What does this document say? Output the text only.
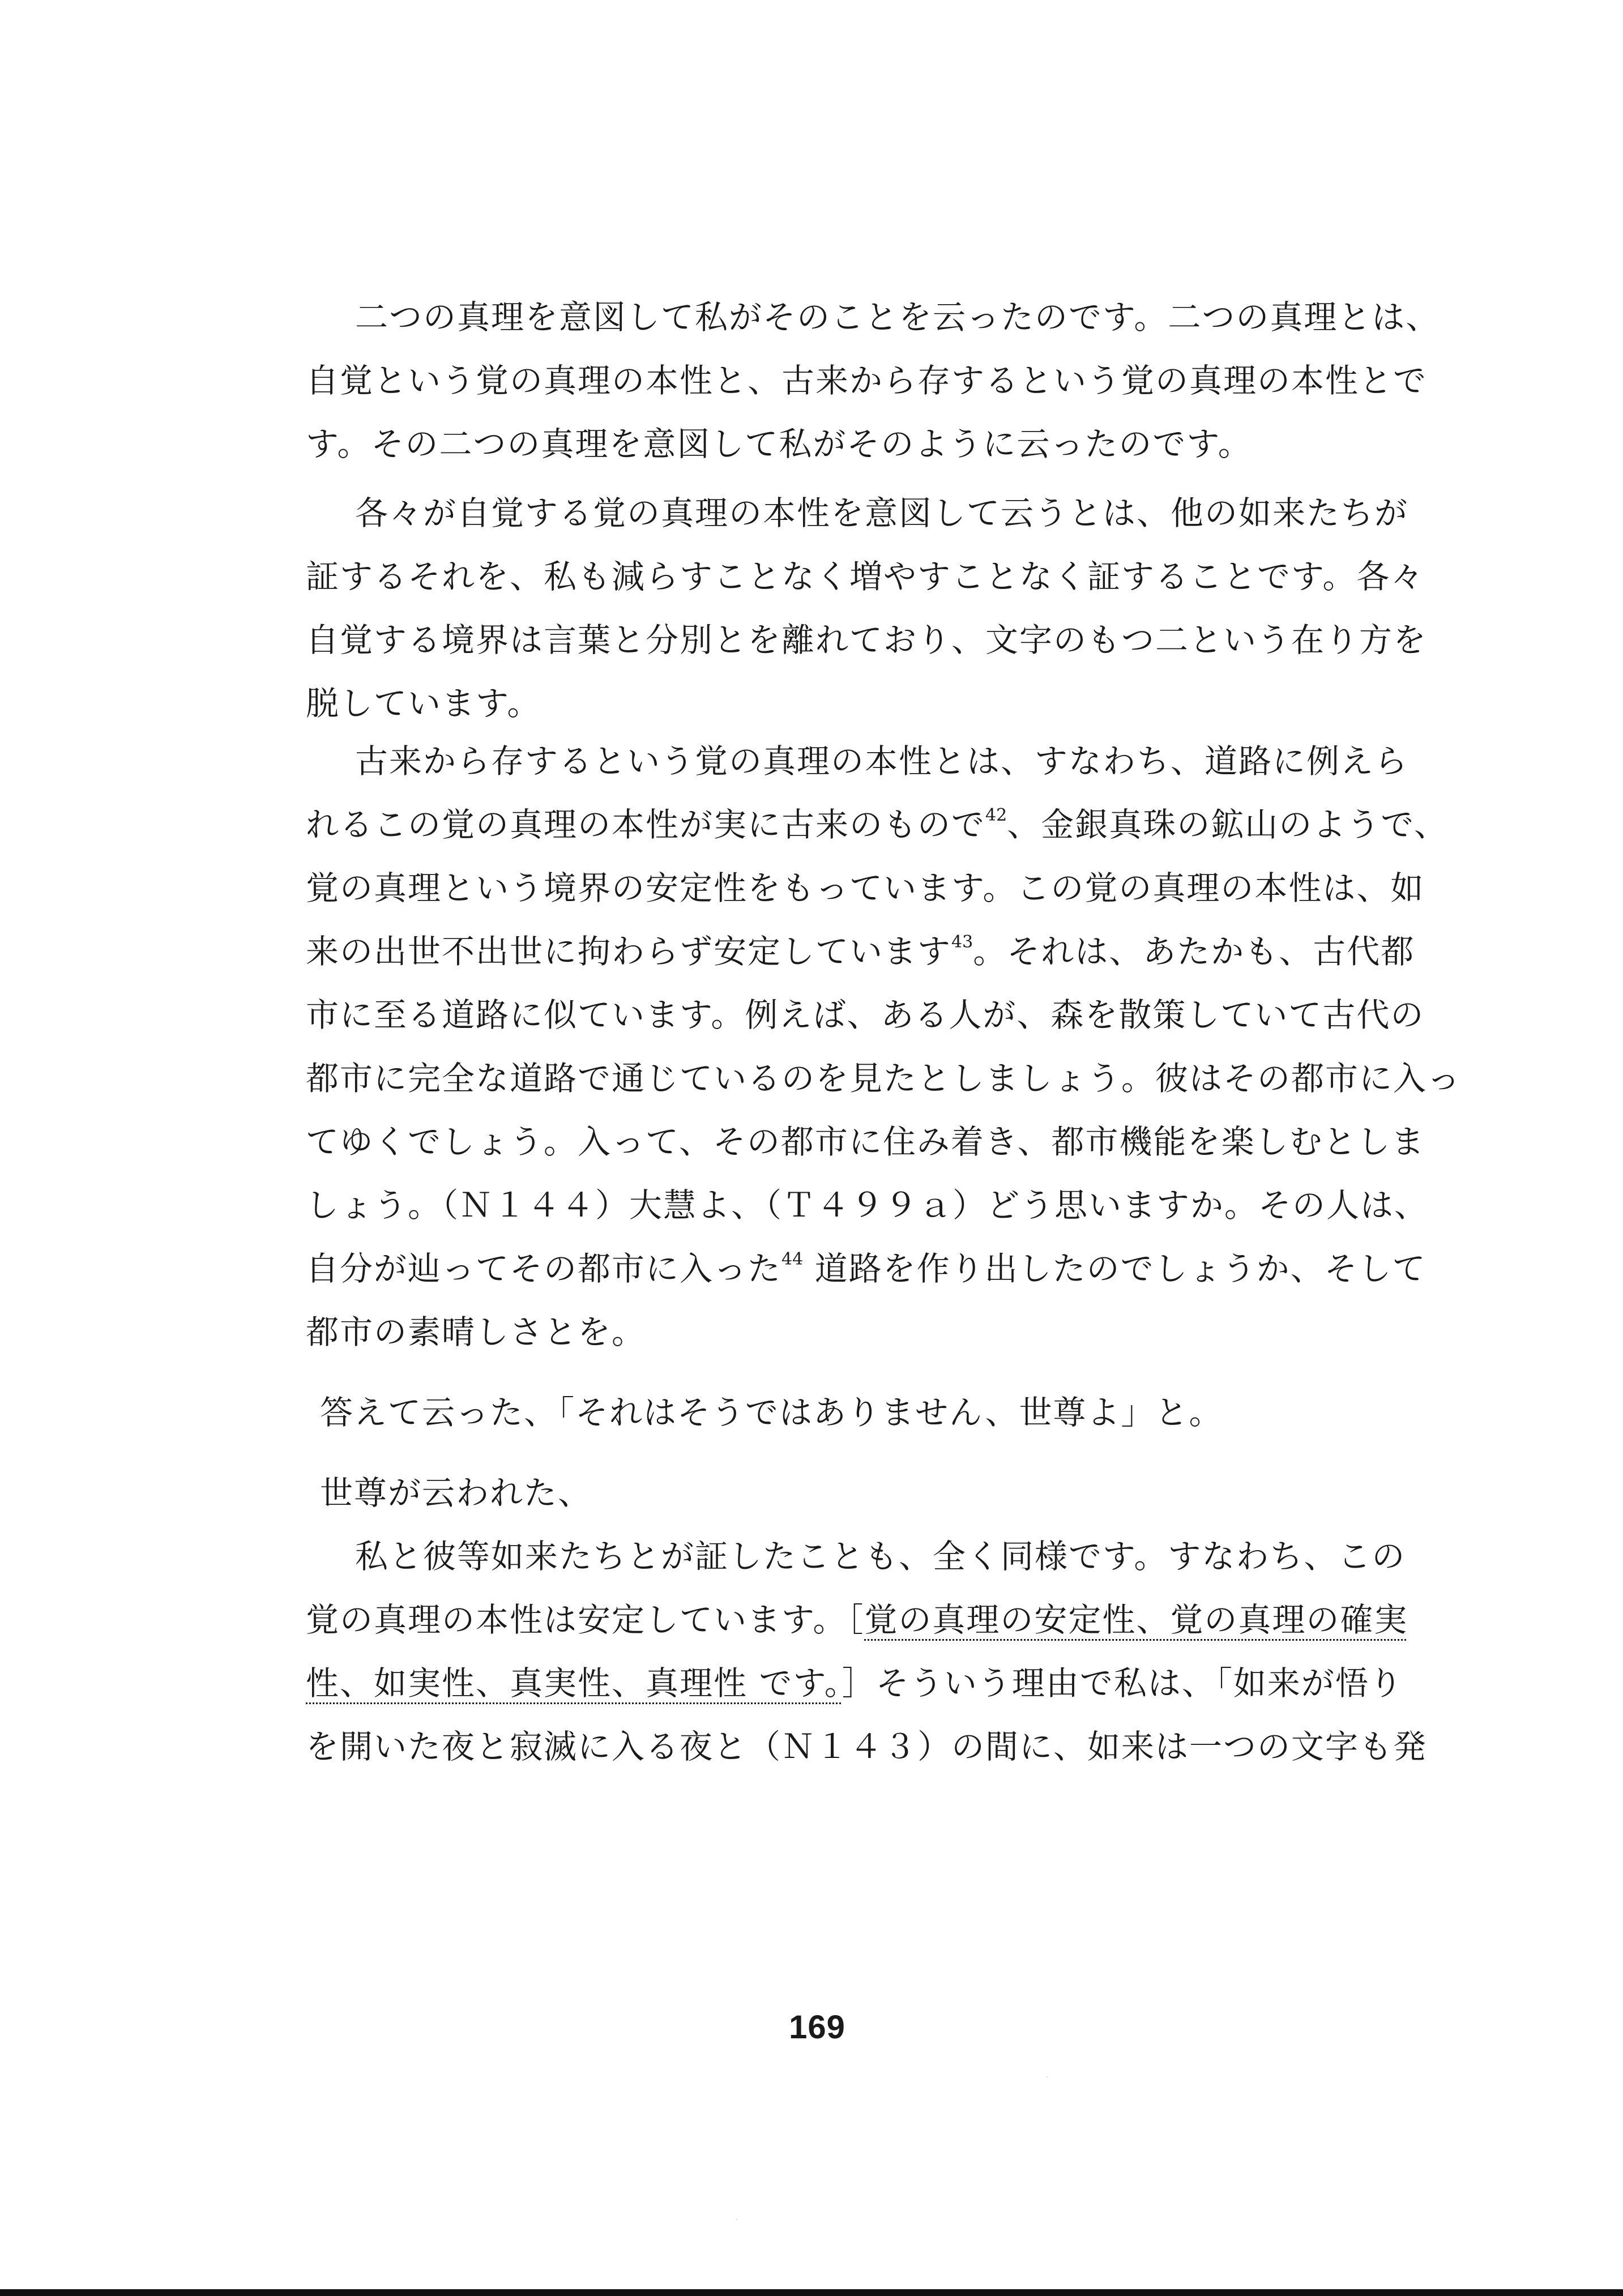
二つの真理を意図して私がそのことを云ったのです。二つの真理とは、
自覚という覚の真理の本性と、古来から存するという覚の真理の本性とで
す。その二つの真理を意図して私がそのように云ったのです。
各々が自覚する覚の真理の本性を意図して云うとは、他の如来たちが
証するそれを、私も減らすことなく増やすことなく証することです。各々
自覚する境界は言葉と分別とを離れており、文字のもつ二という在り方を
脱しています。
古来から存するという覚の真理の本性とは、すなわち、道路に例えら
れるこの覚の真理の本性が実に古来のもので$^{42}$、金銀真珠の鉱山のようで、
覚の真理という境界の安定性をもっています。この覚の真理の本性は、如
来の出世不出世に拘わらず安定しています$^{43}$。それは、あたかも、古代都
市に至る道路に似ています。例えば、ある人が、森を散策していて古代の
都市に完全な道路で通じているのを見たとしましょう。彼はその都市に入っ
てゆくでしょう。入って、その都市に住み着き、都市機能を楽しむとしま
しょう。（Ｎ１４４）大慧よ、（Ｔ４９９ａ）どう思いますか。その人は、
自分が辿ってその都市に入った$^{44}$ 道路を作り出したのでしょうか、そして
都市の素晴しさとを。
答えて云った、「それはそうではありません、世尊よ」と。
世尊が云われた、
私と彼等如来たちとが証したことも、全く同様です。すなわち、この
覚の真理の本性は安定しています。［覚の真理の安定性、覚の真理の確実
性、如実性、真実性、真理性 です。］そういう理由で私は、「如来が悟り
を開いた夜と寂滅に入る夜と（Ｎ１４３）の間に、如来は一つの文字も発
169
